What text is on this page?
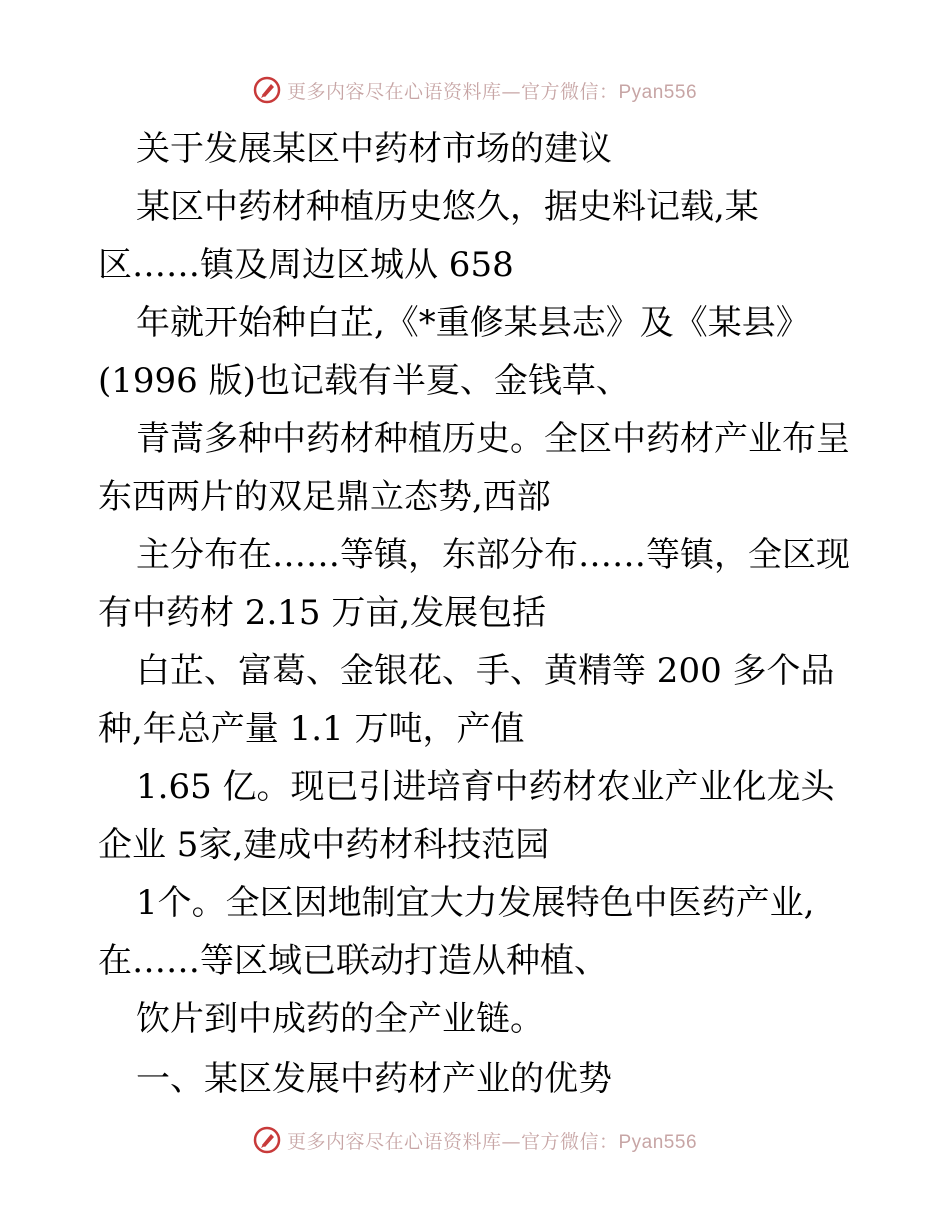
更多内容尽在心语资料库—官方微信：Pyan556
关于发展某区中药材市场的建议
某区中药材种植历史悠久，据史料记载,某
区……镇及周边区城从 658
年就开始种白芷,《*重修某县志》及《某县》
(1996 版)也记载有半夏、金钱草、
青蒿多种中药材种植历史。全区中药材产业布呈
东西两片的双足鼎立态势,西部
主分布在……等镇，东部分布……等镇，全区现
有中药材 2.15 万亩,发展包括
白芷、富葛、金银花、手、黄精等 200 多个品
种,年总产量 1.1 万吨，产值
1.65 亿。现已引进培育中药材农业产业化龙头
企业 5家,建成中药材科技范园
1个。全区因地制宜大力发展特色中医药产业,
在……等区域已联动打造从种植、
饮片到中成药的全产业链。
一、某区发展中药材产业的优势
更多内容尽在心语资料库—官方微信：Pyan556
